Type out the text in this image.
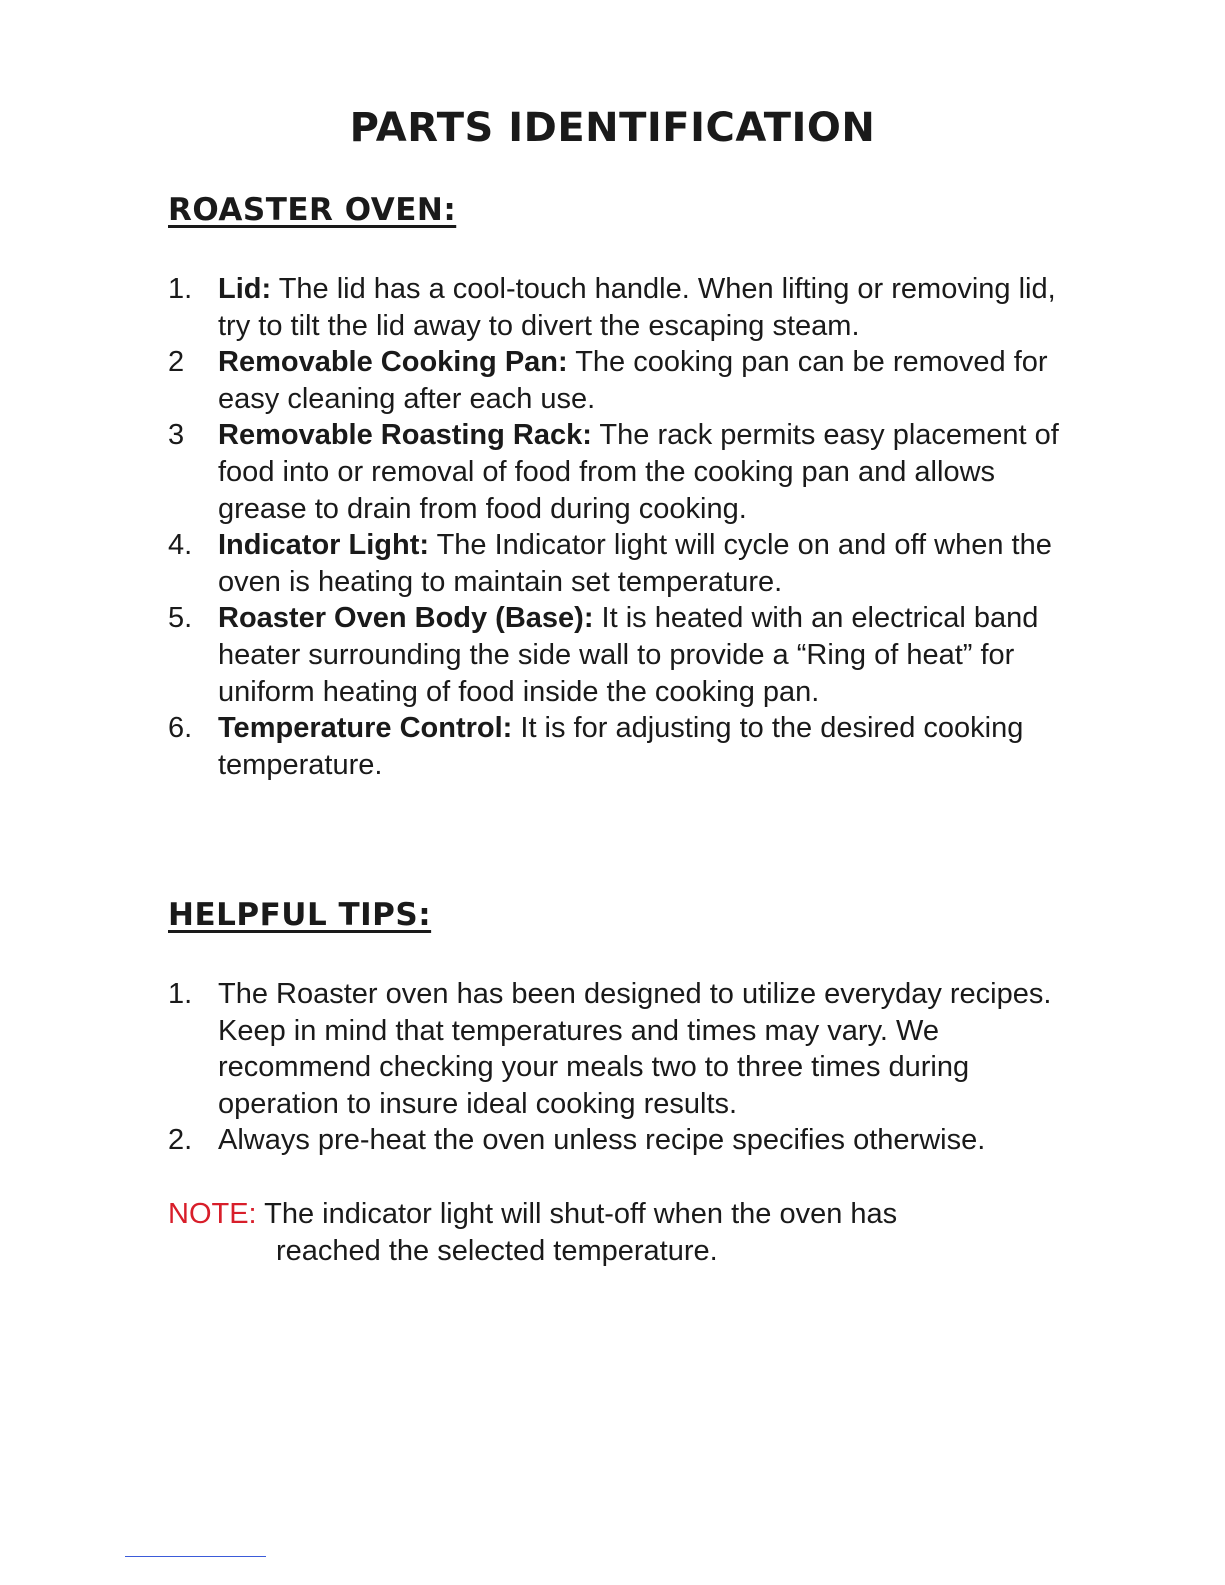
PARTS IDENTIFICATION
ROASTER OVEN:
1. Lid: The lid has a cool-touch handle. When lifting or removing lid, try to tilt the lid away to divert the escaping steam.
2 Removable Cooking Pan: The cooking pan can be removed for easy cleaning after each use.
3 Removable Roasting Rack: The rack permits easy placement of food into or removal of food from the cooking pan and allows grease to drain from food during cooking.
4. Indicator Light: The Indicator light will cycle on and off when the oven is heating to maintain set temperature.
5. Roaster Oven Body (Base): It is heated with an electrical band heater surrounding the side wall to provide a “Ring of heat” for uniform heating of food inside the cooking pan.
6. Temperature Control: It is for adjusting to the desired cooking temperature.
HELPFUL TIPS:
1. The Roaster oven has been designed to utilize everyday recipes. Keep in mind that temperatures and times may vary. We recommend checking your meals two to three times during operation to insure ideal cooking results.
2. Always pre-heat the oven unless recipe specifies otherwise.
NOTE: The indicator light will shut-off when the oven has
reached the selected temperature.
